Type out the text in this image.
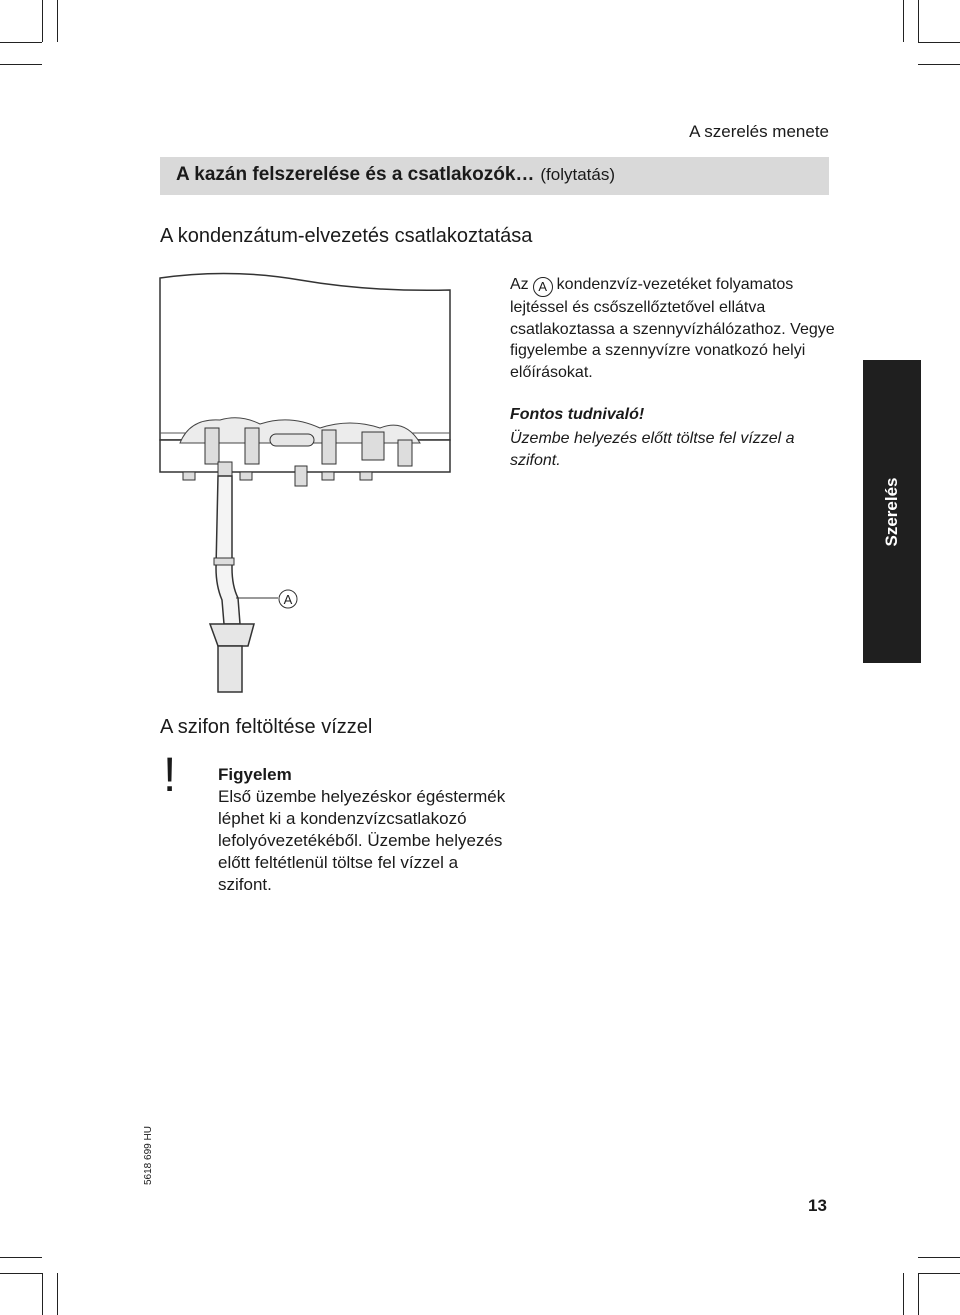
A szerelés menete
A kazán felszerelése és a csatlakozók… (folytatás)
A kondenzátum-elvezetés csatlakoztatása

Az A kondenzvíz-vezetéket folyamatos

lejtéssel és csőszellőztetővel ellátva csatlakoztassa a szennyvízhálózathoz. Vegye figyelembe a szennyvízre vonatkozó helyi előírásokat.

Fontos tudnivaló!
Üzembe helyezés előtt töltse fel vízzel a szifont.
A
Szerelés
A szifon feltöltése vízzel
! Figyelem
Első üzembe helyezéskor égéstermék léphet ki a kondenzvízcsatlakozó lefolyóvezetékéből. Üzembe helyezés előtt feltétlenül töltse fel vízzel a szifont.
5618 699 HU
13
